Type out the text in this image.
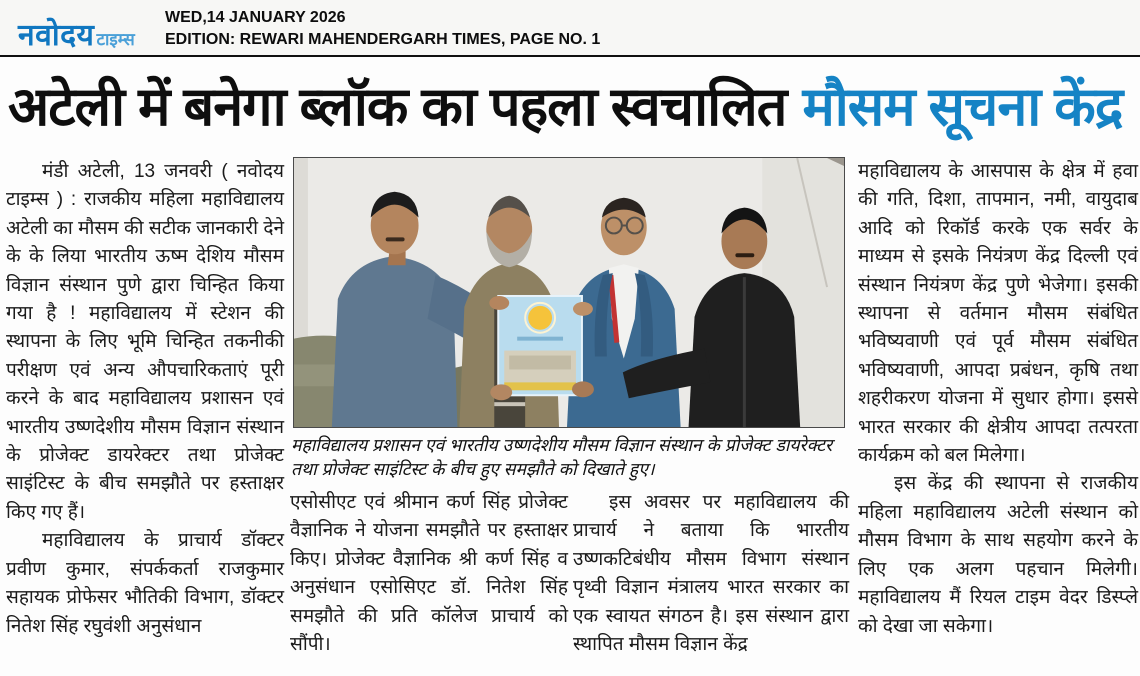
नवोदय टाइम्स
WED,14 JANUARY 2026
EDITION: REWARI MAHENDERGARH TIMES, PAGE NO. 1
अटेली में बनेगा ब्लॉक का पहला स्वचालित मौसम सूचना केंद्र

मंडी अटेली, 13 जनवरी ( नवोदय टाइम्स ) : राजकीय महिला महाविद्यालय अटेली का मौसम की सटीक जानकारी देने के के लिया भारतीय ऊष्म देशिय मौसम विज्ञान संस्थान पुणे द्वारा चिन्हित किया गया है ! महाविद्यालय में स्टेशन की स्थापना के लिए भूमि चिन्हित तकनीकी परीक्षण एवं अन्य औपचारिकताएं पूरी करने के बाद महाविद्यालय प्रशासन एवं भारतीय उष्णदेशीय मौसम विज्ञान संस्थान के प्रोजेक्ट डायरेक्टर तथा प्रोजेक्ट साइंटिस्ट के बीच समझौते पर हस्ताक्षर किए गए हैं।

महाविद्यालय के प्राचार्य डॉक्टर प्रवीण कुमार, संपर्ककर्ता राजकुमार सहायक प्रोफेसर भौतिकी विभाग, डॉक्टर नितेश सिंह रघुवंशी अनुसंधान

महाविद्यालय प्रशासन एवं भारतीय उष्णदेशीय मौसम विज्ञान संस्थान के प्रोजेक्ट डायरेक्टर तथा प्रोजेक्ट साइंटिस्ट के बीच हुए समझौते को दिखाते हुए।

एसोसीएट एवं श्रीमान कर्ण सिंह प्रोजेक्ट वैज्ञानिक ने योजना समझौते पर हस्ताक्षर किए। प्रोजेक्ट वैज्ञानिक श्री कर्ण सिंह व अनुसंधान एसोसिएट डॉ. नितेश सिंह समझौते की प्रति कॉलेज प्राचार्य को सौंपी।

इस अवसर पर महाविद्यालय की प्राचार्य ने बताया कि भारतीय उष्णकटिबंधीय मौसम विभाग संस्थान पृथ्वी विज्ञान मंत्रालय भारत सरकार का एक स्वायत संगठन है। इस संस्थान द्वारा स्थापित मौसम विज्ञान केंद्र

महाविद्यालय के आसपास के क्षेत्र में हवा की गति, दिशा, तापमान, नमी, वायुदाब आदि को रिकॉर्ड करके एक सर्वर के माध्यम से इसके नियंत्रण केंद्र दिल्ली एवं संस्थान नियंत्रण केंद्र पुणे भेजेगा। इसकी स्थापना से वर्तमान मौसम संबंधित भविष्यवाणी एवं पूर्व मौसम संबंधित भविष्यवाणी, आपदा प्रबंधन, कृषि तथा शहरीकरण योजना में सुधार होगा। इससे भारत सरकार की क्षेत्रीय आपदा तत्परता कार्यक्रम को बल मिलेगा।

इस केंद्र की स्थापना से राजकीय महिला महाविद्यालय अटेली संस्थान को मौसम विभाग के साथ सहयोग करने के लिए एक अलग पहचान मिलेगी। महाविद्यालय मैं रियल टाइम वेदर डिस्प्ले को देखा जा सकेगा।
